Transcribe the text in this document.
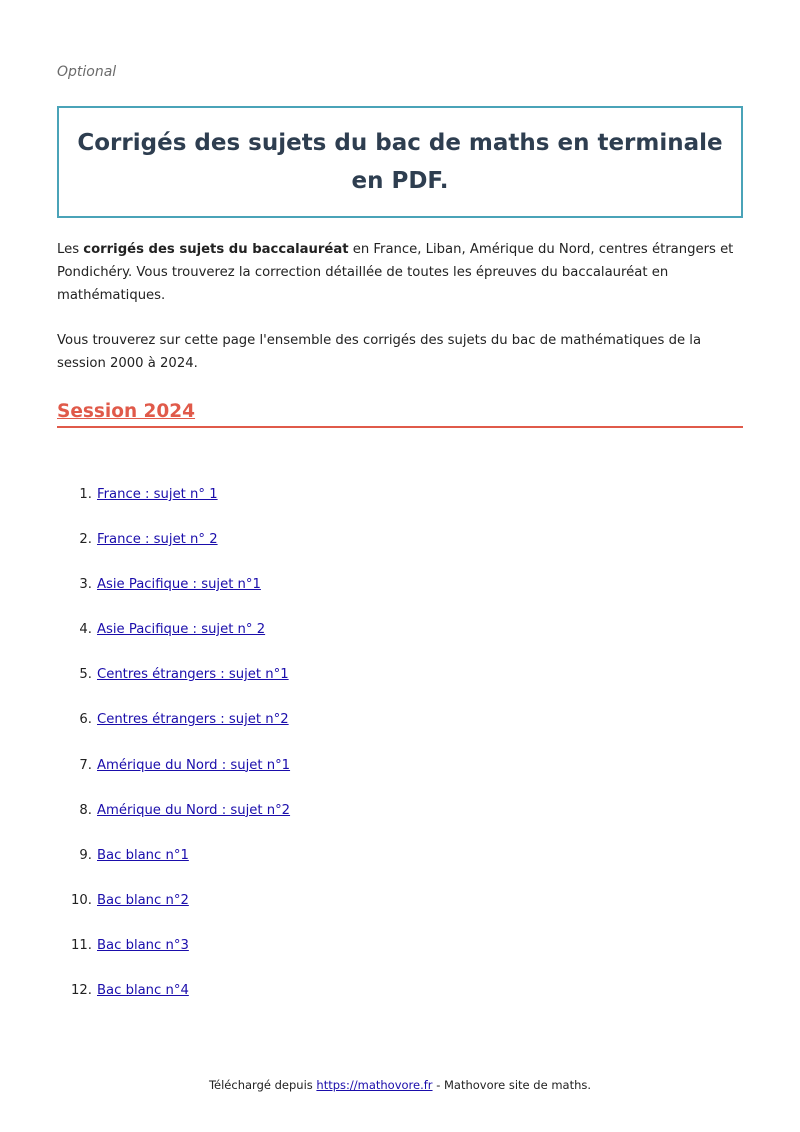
Optional
Corrigés des sujets du bac de maths en terminale en PDF.

Les corrigés des sujets du baccalauréat en France, Liban, Amérique du Nord, centres étrangers et Pondichéry. Vous trouverez la correction détaillée de toutes les épreuves du baccalauréat en mathématiques.

Vous trouverez sur cette page l'ensemble des corrigés des sujets du bac de mathématiques de la session 2000 à 2024.

Session 2024
1. France : sujet n° 1
2. France : sujet n° 2
3. Asie Pacifique : sujet n°1
4. Asie Pacifique : sujet n° 2
5. Centres étrangers : sujet n°1
6. Centres étrangers : sujet n°2
7. Amérique du Nord : sujet n°1
8. Amérique du Nord : sujet n°2
9. Bac blanc n°1
10. Bac blanc n°2
11. Bac blanc n°3
12. Bac blanc n°4
Téléchargé depuis https://mathovore.fr - Mathovore site de maths.
